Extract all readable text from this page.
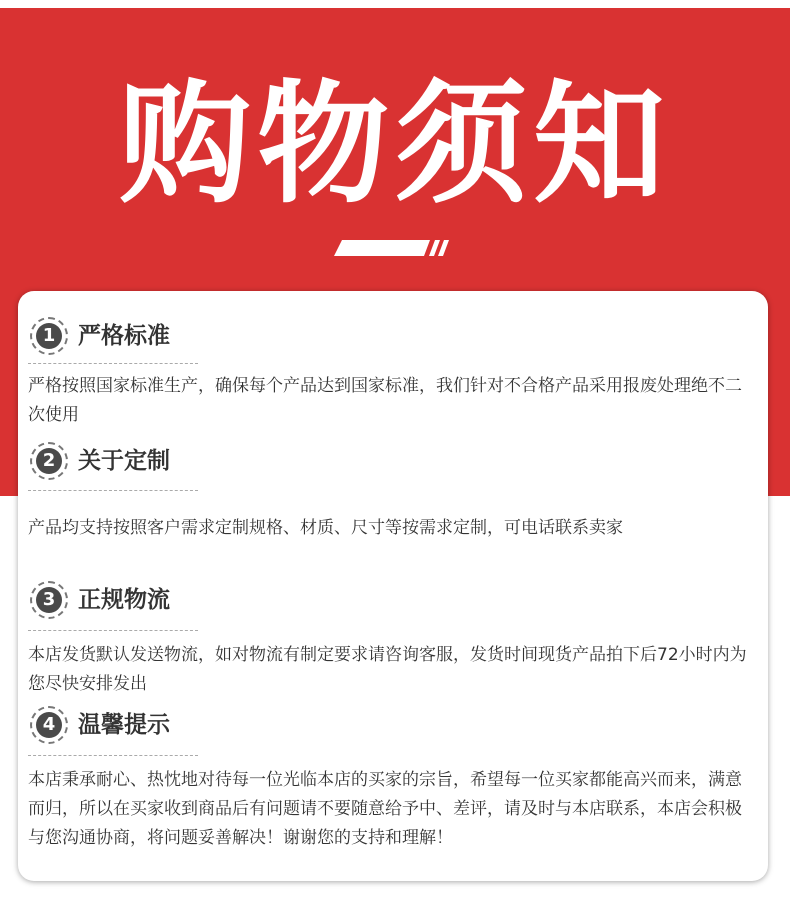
购物须知
1 严格标准
严格按照国家标准生产，确保每个产品达到国家标准，我们针对不合格产品采用报废处理绝不二次使用
2 关于定制
产品均支持按照客户需求定制规格、材质、尺寸等按需求定制，可电话联系卖家
3 正规物流
本店发货默认发送物流，如对物流有制定要求请咨询客服，发货时间现货产品拍下后72小时内为您尽快安排发出
4 温馨提示
本店秉承耐心、热忱地对待每一位光临本店的买家的宗旨，希望每一位买家都能高兴而来，满意而归，所以在买家收到商品后有问题请不要随意给予中、差评，请及时与本店联系，本店会积极与您沟通协商，将问题妥善解决！谢谢您的支持和理解！
